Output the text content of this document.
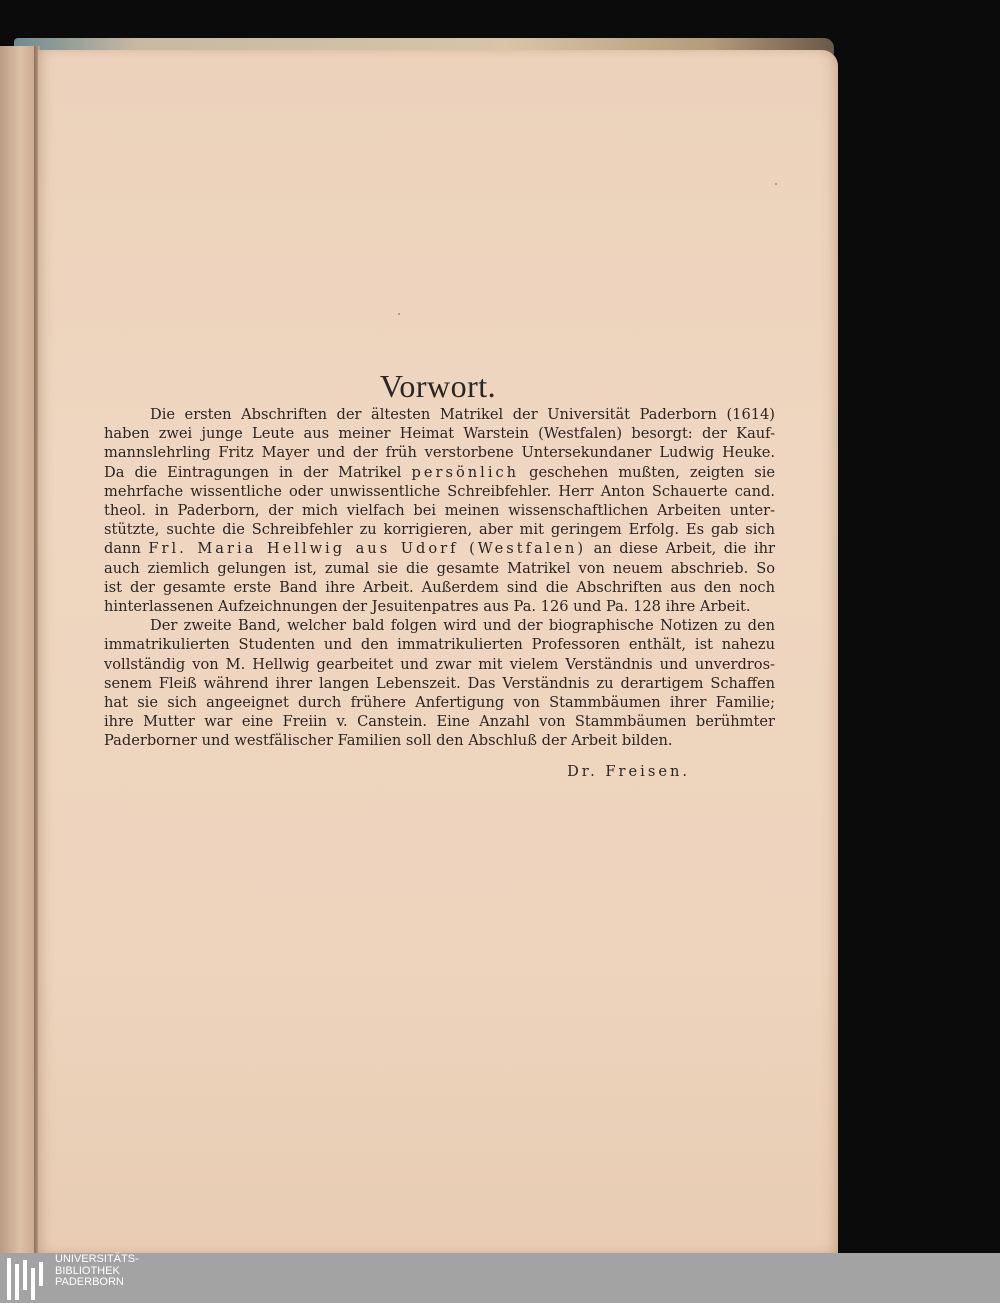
Vorwort.

Die ersten Abschriften der ältesten Matrikel der Universität Paderborn (1614)
haben zwei junge Leute aus meiner Heimat Warstein (Westfalen) besorgt: der Kauf-
mannslehrling Fritz Mayer und der früh verstorbene Untersekundaner Ludwig Heuke.
Da die Eintragungen in der Matrikel persönlich geschehen mußten, zeigten sie
mehrfache wissentliche oder unwissentliche Schreibfehler. Herr Anton Schauerte cand.
theol. in Paderborn, der mich vielfach bei meinen wissenschaftlichen Arbeiten unter-
stützte, suchte die Schreibfehler zu korrigieren, aber mit geringem Erfolg. Es gab sich
dann Frl. Maria Hellwig aus Udorf (Westfalen) an diese Arbeit, die ihr
auch ziemlich gelungen ist, zumal sie die gesamte Matrikel von neuem abschrieb. So
ist der gesamte erste Band ihre Arbeit. Außerdem sind die Abschriften aus den noch
hinterlassenen Aufzeichnungen der Jesuitenpatres aus Pa. 126 und Pa. 128 ihre Arbeit.

Der zweite Band, welcher bald folgen wird und der biographische Notizen zu den
immatrikulierten Studenten und den immatrikulierten Professoren enthält, ist nahezu
vollständig von M. Hellwig gearbeitet und zwar mit vielem Verständnis und unverdros-
senem Fleiß während ihrer langen Lebenszeit. Das Verständnis zu derartigem Schaffen
hat sie sich angeeignet durch frühere Anfertigung von Stammbäumen ihrer Familie;
ihre Mutter war eine Freiin v. Canstein. Eine Anzahl von Stammbäumen berühmter
Paderborner und westfälischer Familien soll den Abschluß der Arbeit bilden.

Dr. Freisen.

UNIVERSITÄTS-
BIBLIOTHEK
PADERBORN
